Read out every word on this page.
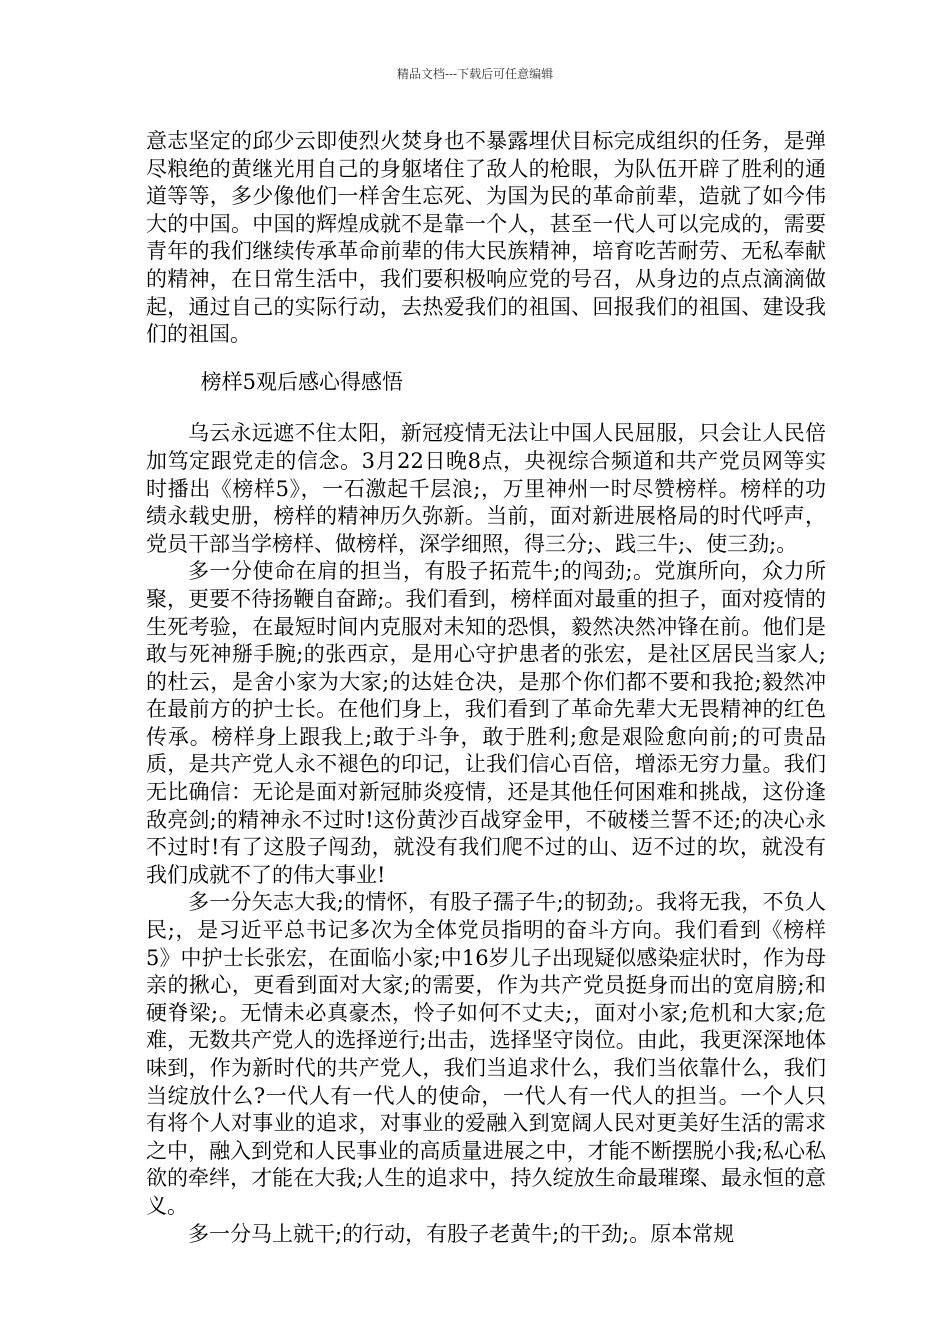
精品文档---下载后可任意编辑

意志坚定的邱少云即使烈火焚身也不暴露埋伏目标完成组织的任务，是弹尽粮绝的黄继光用自己的身躯堵住了敌人的枪眼，为队伍开辟了胜利的通道等等，多少像他们一样舍生忘死、为国为民的革命前辈，造就了如今伟大的中国。中国的辉煌成就不是靠一个人，甚至一代人可以完成的，需要青年的我们继续传承革命前辈的伟大民族精神，培育吃苦耐劳、无私奉献的精神，在日常生活中，我们要积极响应党的号召，从身边的点点滴滴做起，通过自己的实际行动，去热爱我们的祖国、回报我们的祖国、建设我们的祖国。

榜样5观后感心得感悟

乌云永远遮不住太阳，新冠疫情无法让中国人民屈服，只会让人民倍加笃定跟党走的信念。3月22日晚8点，央视综合频道和共产党员网等实时播出《榜样5》，一石激起千层浪;，万里神州一时尽赞榜样。榜样的功绩永载史册，榜样的精神历久弥新。当前，面对新进展格局的时代呼声，党员干部当学榜样、做榜样，深学细照，得三分;、践三牛;、使三劲;。

多一分使命在肩的担当，有股子拓荒牛;的闯劲;。党旗所向，众力所聚，更要不待扬鞭自奋蹄;。我们看到，榜样面对最重的担子，面对疫情的生死考验，在最短时间内克服对未知的恐惧，毅然决然冲锋在前。他们是敢与死神掰手腕;的张西京，是用心守护患者的张宏，是社区居民当家人;的杜云，是舍小家为大家;的达娃仓决，是那个你们都不要和我抢;毅然冲在最前方的护士长。在他们身上，我们看到了革命先辈大无畏精神的红色传承。榜样身上跟我上;敢于斗争，敢于胜利;愈是艰险愈向前;的可贵品质，是共产党人永不褪色的印记，让我们信心百倍，增添无穷力量。我们无比确信：无论是面对新冠肺炎疫情，还是其他任何困难和挑战，这份逢敌亮剑;的精神永不过时!这份黄沙百战穿金甲，不破楼兰誓不还;的决心永不过时!有了这股子闯劲，就没有我们爬不过的山、迈不过的坎，就没有我们成就不了的伟大事业!

多一分矢志大我;的情怀，有股子孺子牛;的韧劲;。我将无我，不负人民;，是习近平总书记多次为全体党员指明的奋斗方向。我们看到《榜样5》中护士长张宏，在面临小家;中16岁儿子出现疑似感染症状时，作为母亲的揪心，更看到面对大家;的需要，作为共产党员挺身而出的宽肩膀;和硬脊梁;。无情未必真豪杰，怜子如何不丈夫;，面对小家;危机和大家;危难，无数共产党人的选择逆行;出击，选择坚守岗位。由此，我更深深地体味到，作为新时代的共产党人，我们当追求什么，我们当依靠什么，我们当绽放什么?一代人有一代人的使命，一代人有一代人的担当。一个人只有将个人对事业的追求，对事业的爱融入到宽阔人民对更美好生活的需求之中，融入到党和人民事业的高质量进展之中，才能不断摆脱小我;私心私欲的牵绊，才能在大我;人生的追求中，持久绽放生命最璀璨、最永恒的意义。

多一分马上就干;的行动，有股子老黄牛;的干劲;。原本常规
